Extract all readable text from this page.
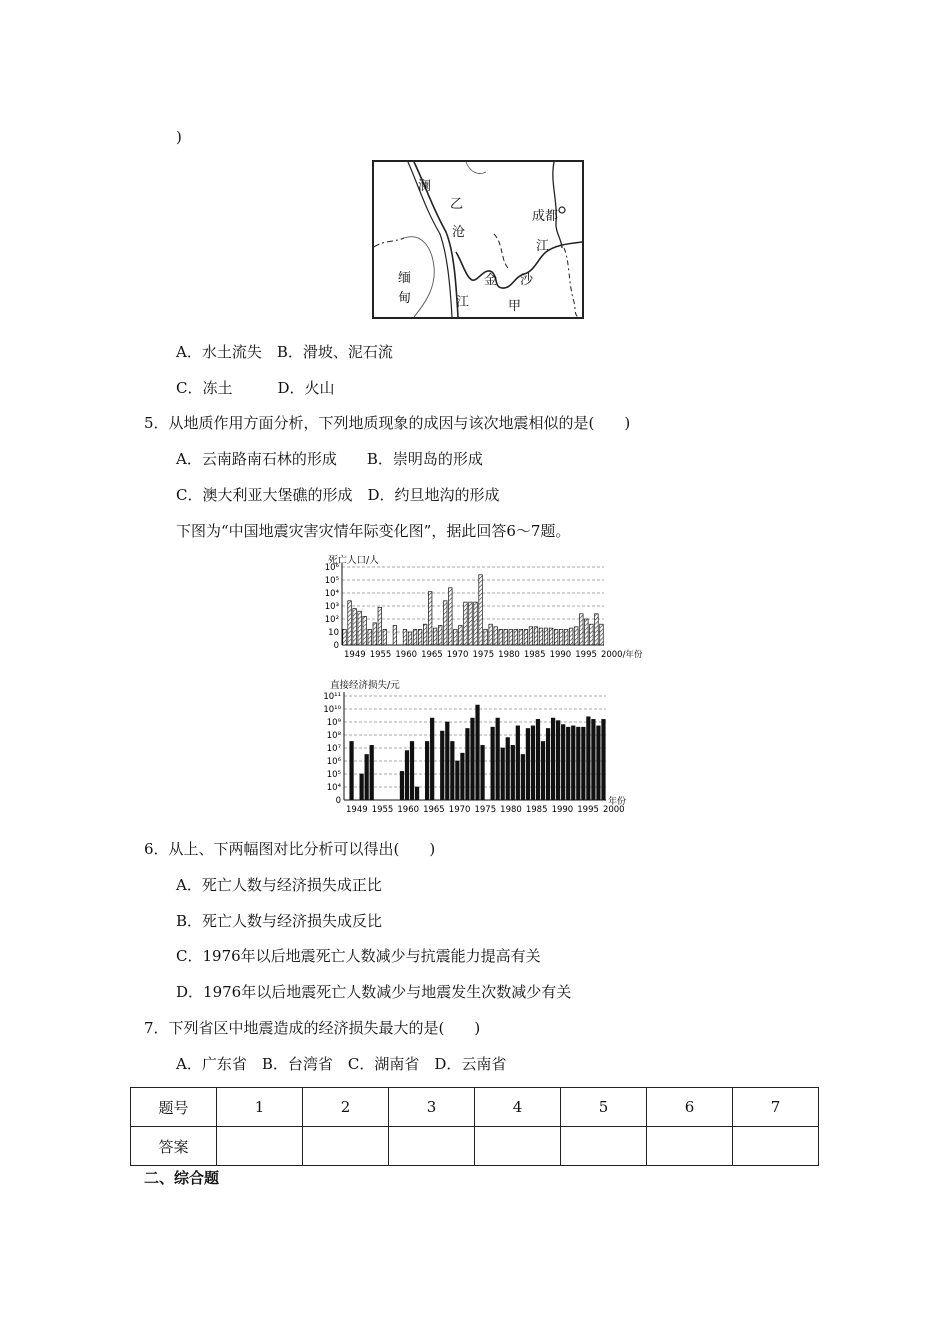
)
澜
乙
沧
成都
江
金 沙
缅
甸	江	甲
A．水土流失　B．滑坡、泥石流
C．冻土　　　D．火山
5．从地质作用方面分析，下列地质现象的成因与该次地震相似的是(　　)
A．云南路南石林的形成　　B．崇明岛的形成
C．澳大利亚大堡礁的形成　D．约旦地沟的形成
下图为“中国地震灾害灾情年际变化图”，据此回答6～7题。
死亡人口/人
0
10
10²
10³
10⁴
10⁵
10⁶
1949 1955 1960 1965 1970 1975 1980 1985 1990 1995 2000/年份
直接经济损失/元
0
10⁴
10⁵
10⁶
10⁷
10⁸
10⁹
10¹⁰
10¹¹
1949 1955 1960 1965 1970 1975 1980 1985 1990 1995 2000
年份
6．从上、下两幅图对比分析可以得出(　　)
A．死亡人数与经济损失成正比
B．死亡人数与经济损失成反比
C．1976年以后地震死亡人数减少与抗震能力提高有关
D．1976年以后地震死亡人数减少与地震发生次数减少有关
7．下列省区中地震造成的经济损失最大的是(　　)
A．广东省　B．台湾省　C．湖南省　D．云南省
题号	1	2	3	4	5	6	7
答案							
二、综合题
